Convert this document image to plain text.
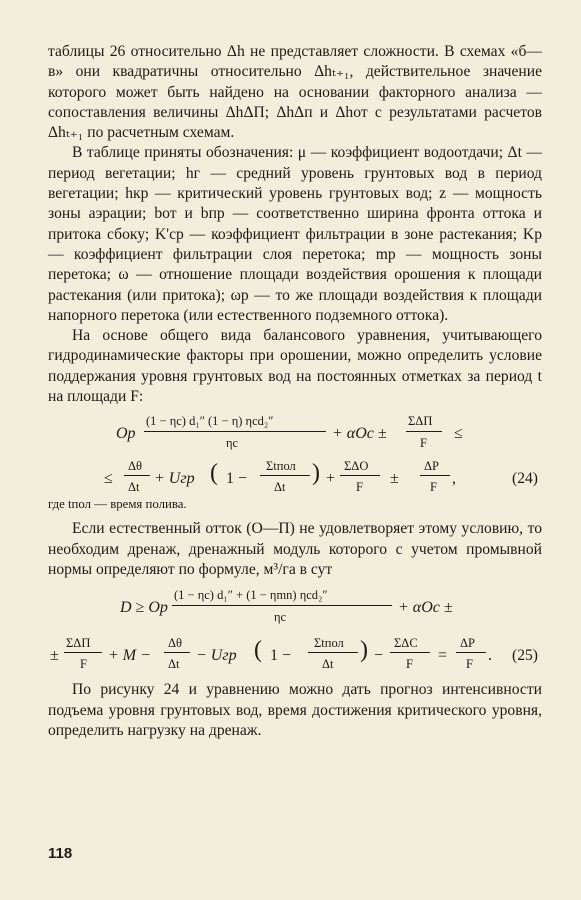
таблицы 26 относительно Δh не представляет сложности. В схемах «б—в» они квадратичны относительно Δhₜ₊₁, действительное значение которого может быть найдено на основании факторного анализа — сопоставления величины ΔhΔП; ΔhΔп и Δhот с результатами расчетов Δhₜ₊₁ по расчетным схемам.

В таблице приняты обозначения: μ — коэффициент водоотдачи; Δt — период вегетации; hг — средний уровень грунтовых вод в период вегетации; hкр — критический уровень грунтовых вод; z — мощность зоны аэрации; bот и bпр — соответственно ширина фронта оттока и притока сбоку; K'ср — коэффициент фильтрации в зоне растекания; Kр — коэффициент фильтрации слоя перетока; mр — мощность зоны перетока; ω — отношение площади воздействия орошения к площади растекания (или притока); ωр — то же площади воздействия к площади напорного перетока (или естественного подземного оттока).

На основе общего вида балансового уравнения, учитывающего гидродинамические факторы при орошении, можно определить условие поддержания уровня грунтовых вод на постоянных отметках за период t на площади F:

Oр
(1 − ηс) d₁″ (1 − η) ηсd₂″
ηс
+ αOс ±
ΣΔП
F
≤
≤
Δθ
Δt + Uгр ( 1 −
Σtпол
Δt
) +
ΣΔO
F ±
ΔP
F ,	(24)

где tпол — время полива.

Если естественный отток (O—П) не удовлетворяет этому условию, то необходим дренаж, дренажный модуль которого с учетом промывной нормы определяют по формуле, м³/га в сут

D ≥ Oр
(1 − ηс) d₁″ + (1 − ηmn) ηсd₂″
ηс
+ αOс ±
±
ΣΔП
F + M −
Δθ
Δt − Uгр ( 1 −
Σtпол
Δt
) −
ΣΔC
F =
ΔP
F . (25)

По рисунку 24 и уравнению можно дать прогноз интенсивности подъема уровня грунтовых вод, время достижения критического уровня, определить нагрузку на дренаж.

118
